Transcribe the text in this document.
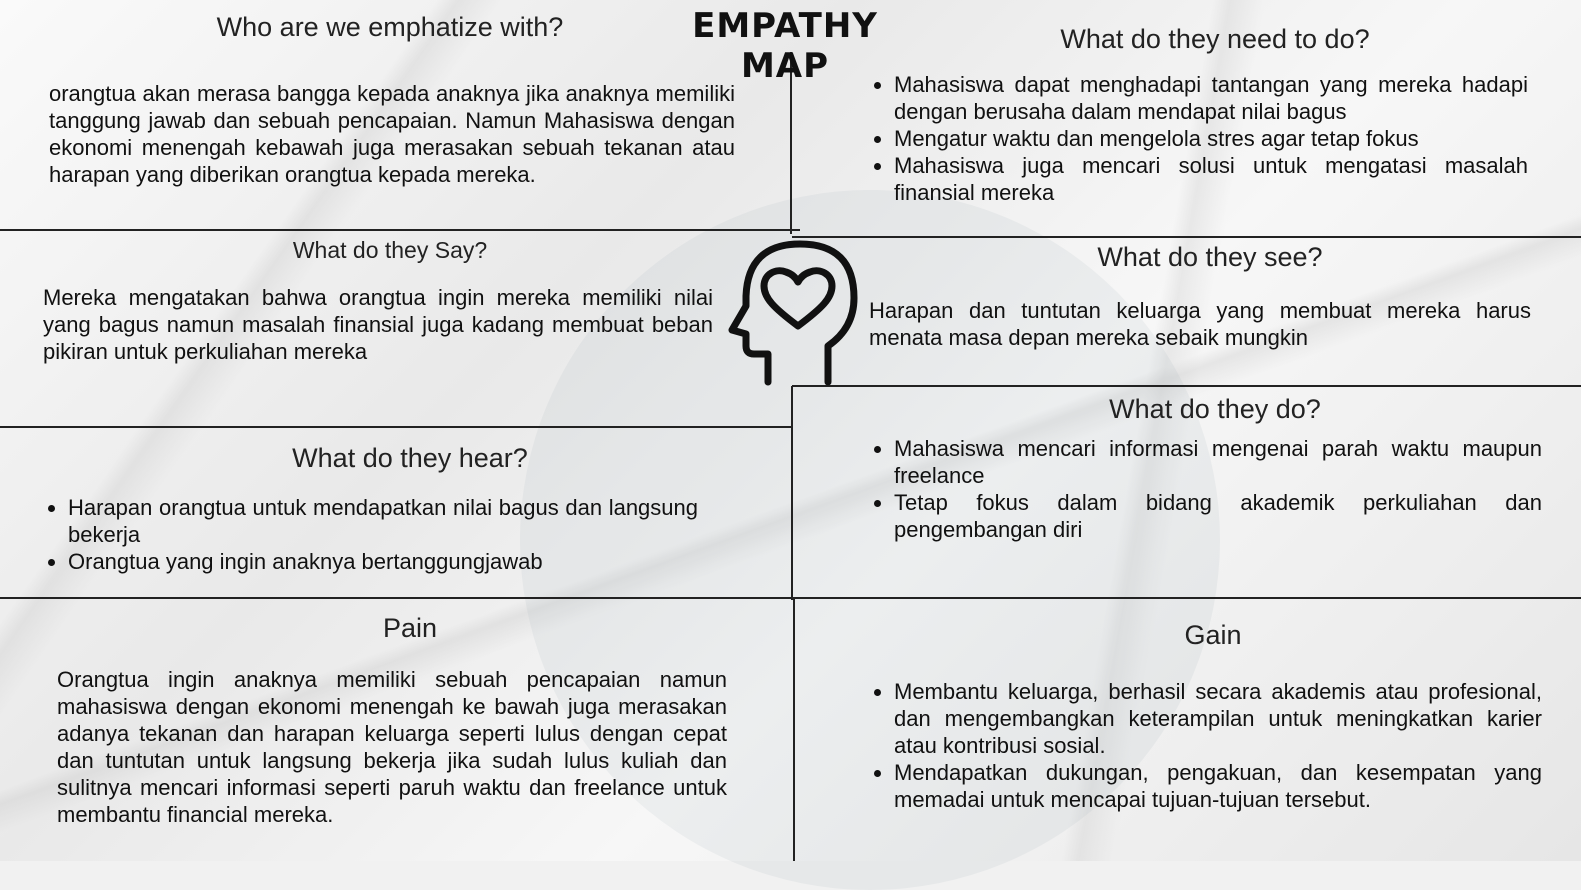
EMPATHY MAP
Who are we emphatize with?
orangtua akan merasa bangga kepada anaknya jika anaknya memiliki tanggung jawab dan sebuah pencapaian. Namun Mahasiswa dengan ekonomi menengah kebawah juga merasakan sebuah tekanan atau harapan yang diberikan orangtua kepada mereka.
What do they need to do?
Mahasiswa dapat menghadapi tantangan yang mereka hadapi dengan berusaha dalam mendapat nilai bagus
Mengatur waktu dan mengelola stres agar tetap fokus
Mahasiswa juga mencari solusi untuk mengatasi masalah finansial mereka
What do they Say?
Mereka mengatakan bahwa orangtua ingin mereka memiliki nilai yang bagus namun masalah finansial juga kadang membuat beban pikiran untuk perkuliahan mereka
What do they see?
Harapan dan tuntutan keluarga yang membuat mereka harus menata masa depan mereka sebaik mungkin
What do they hear?
Harapan orangtua untuk mendapatkan nilai bagus dan langsung bekerja
Orangtua yang ingin anaknya bertanggungjawab
What do they do?
Mahasiswa mencari informasi mengenai parah waktu maupun freelance
Tetap fokus dalam bidang akademik perkuliahan dan pengembangan diri
Pain
Orangtua ingin anaknya memiliki sebuah pencapaian namun mahasiswa dengan ekonomi menengah ke bawah juga merasakan adanya tekanan dan harapan keluarga seperti lulus dengan cepat dan tuntutan untuk langsung bekerja jika sudah lulus kuliah dan sulitnya mencari informasi seperti paruh waktu dan freelance untuk membantu financial mereka.
Gain
Membantu keluarga, berhasil secara akademis atau profesional, dan mengembangkan keterampilan untuk meningkatkan karier atau kontribusi sosial.
Mendapatkan dukungan, pengakuan, dan kesempatan yang memadai untuk mencapai tujuan-tujuan tersebut.
